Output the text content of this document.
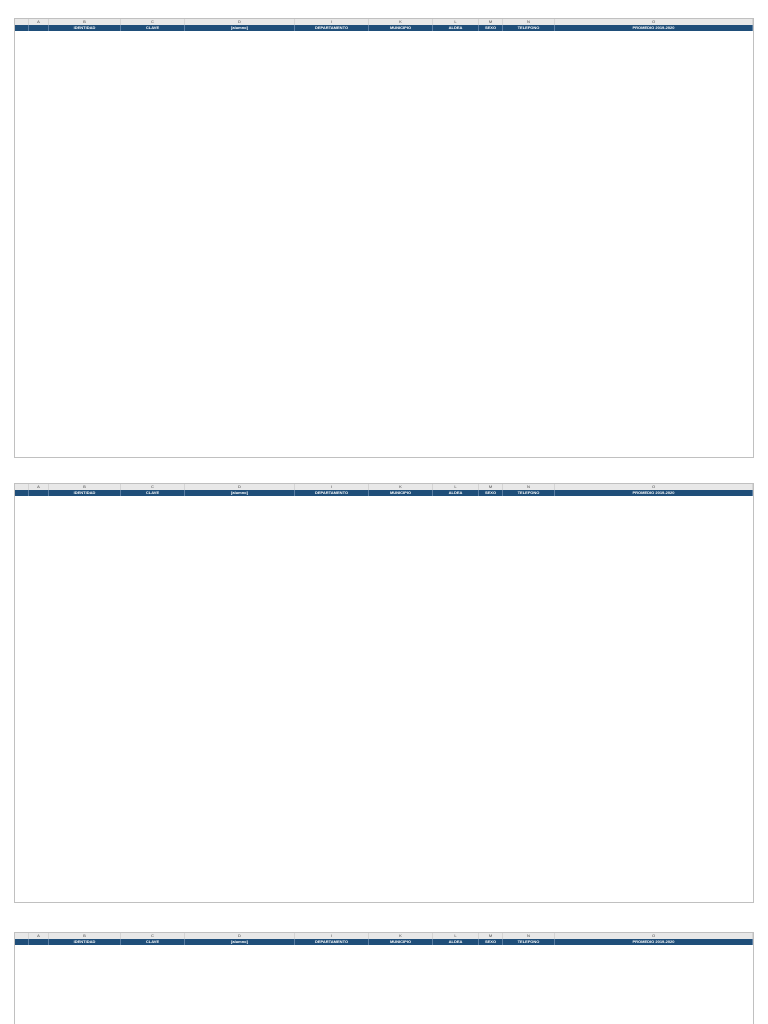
A	B	C	D	I	K	L	M	N	O
IDENTIDAD	CLAVE	[alumno]	DEPARTAMENTO	MUNICIPIO	ALDEA	SEXO	TELEFONO	PROMEDIO 2019-2020
A	B	C	D	I	K	L	M	N	O
IDENTIDAD	CLAVE	[alumno]	DEPARTAMENTO	MUNICIPIO	ALDEA	SEXO	TELEFONO	PROMEDIO 2019-2020
A	B	C	D	I	K	L	M	N	O
IDENTIDAD	CLAVE	[alumno]	DEPARTAMENTO	MUNICIPIO	ALDEA	SEXO	TELEFONO	PROMEDIO 2019-2020
